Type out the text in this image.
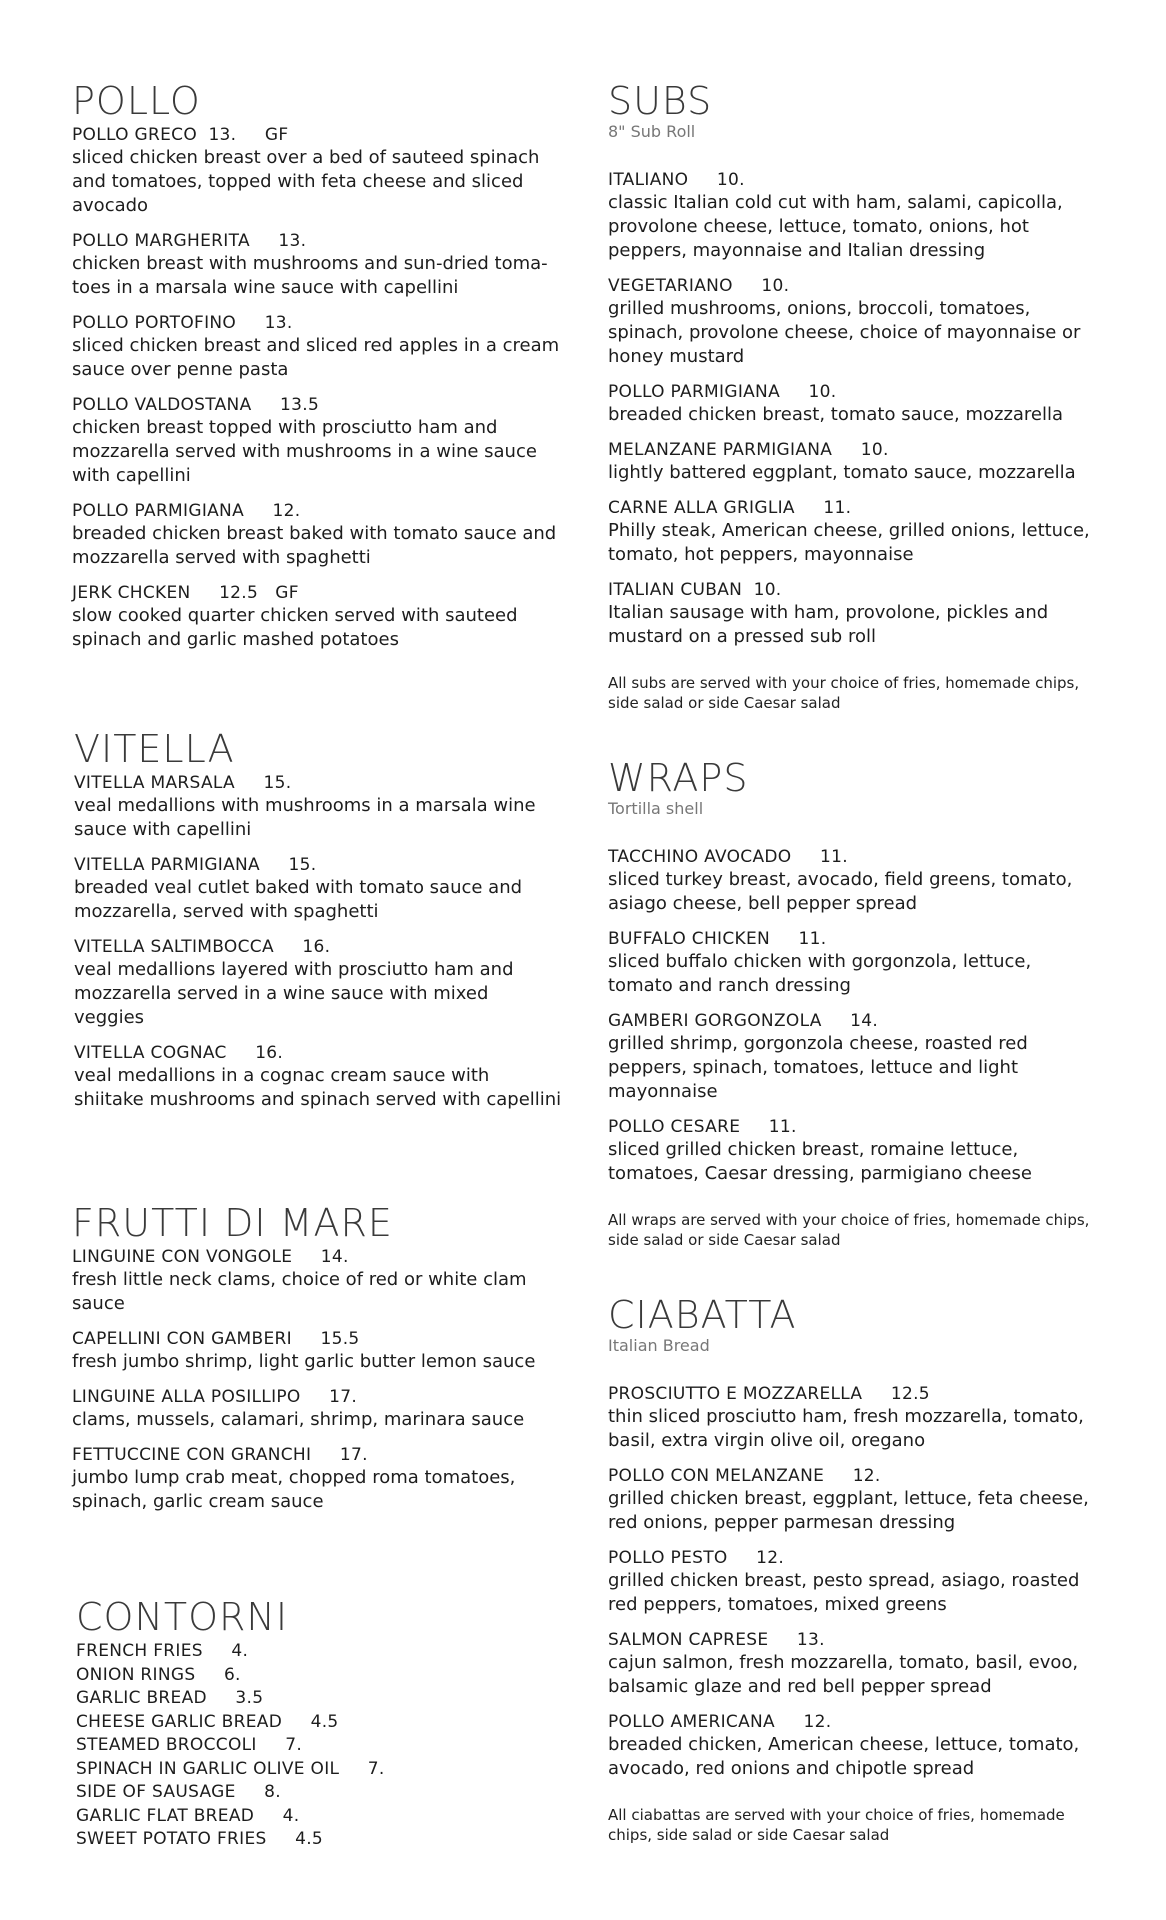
POLLO
POLLO GRECO  13.     GF
sliced chicken breast over a bed of sauteed spinach and tomatoes, topped with feta cheese and sliced avocado
POLLO MARGHERITA     13.
chicken breast with mushrooms and sun-dried toma- toes in a marsala wine sauce with capellini
POLLO PORTOFINO     13.
sliced chicken breast and sliced red apples in a cream sauce over penne pasta
POLLO VALDOSTANA     13.5
chicken breast topped with prosciutto ham and mozzarella served with mushrooms in a wine sauce with capellini
POLLO PARMIGIANA     12.
breaded chicken breast baked with tomato sauce and mozzarella served with spaghetti
JERK CHCKEN     12.5   GF
slow cooked quarter chicken served with sauteed spinach and garlic mashed potatoes
VITELLA
VITELLA MARSALA     15.
veal medallions with mushrooms in a marsala wine sauce with capellini
VITELLA PARMIGIANA     15.
breaded veal cutlet baked with tomato sauce and mozzarella, served with spaghetti
VITELLA SALTIMBOCCA     16.
veal medallions layered with prosciutto ham and mozzarella served in a wine sauce with mixed veggies
VITELLA COGNAC     16.
veal medallions in a cognac cream sauce with shiitake mushrooms and spinach served with capellini
FRUTTI DI MARE
LINGUINE CON VONGOLE     14.
fresh little neck clams, choice of red or white clam sauce
CAPELLINI CON GAMBERI     15.5
fresh jumbo shrimp, light garlic butter lemon sauce
LINGUINE ALLA POSILLIPO     17.
clams, mussels, calamari, shrimp, marinara sauce
FETTUCCINE CON GRANCHI     17.
jumbo lump crab meat, chopped roma tomatoes, spinach, garlic cream sauce
CONTORNI
FRENCH FRIES     4.
ONION RINGS     6.
GARLIC BREAD     3.5
CHEESE GARLIC BREAD     4.5
STEAMED BROCCOLI     7.
SPINACH IN GARLIC OLIVE OIL     7.
SIDE OF SAUSAGE     8.
GARLIC FLAT BREAD     4.
SWEET POTATO FRIES     4.5
SUBS
8" Sub Roll
ITALIANO     10.
classic Italian cold cut with ham, salami, capicolla, provolone cheese, lettuce, tomato, onions, hot peppers, mayonnaise and Italian dressing
VEGETARIANO     10.
grilled mushrooms, onions, broccoli, tomatoes, spinach, provolone cheese, choice of mayonnaise or honey mustard
POLLO PARMIGIANA     10.
breaded chicken breast, tomato sauce, mozzarella
MELANZANE PARMIGIANA     10.
lightly battered eggplant, tomato sauce, mozzarella
CARNE ALLA GRIGLIA     11.
Philly steak, American cheese, grilled onions, lettuce, tomato, hot peppers, mayonnaise
ITALIAN CUBAN  10.
Italian sausage with ham, provolone, pickles and mustard on a pressed sub roll
All subs are served with your choice of fries, homemade chips, side salad or side Caesar salad
WRAPS
Tortilla shell
TACCHINO AVOCADO     11.
sliced turkey breast, avocado, field greens, tomato, asiago cheese, bell pepper spread
BUFFALO CHICKEN     11.
sliced buffalo chicken with gorgonzola, lettuce, tomato and ranch dressing
GAMBERI GORGONZOLA     14.
grilled shrimp, gorgonzola cheese, roasted red peppers, spinach, tomatoes, lettuce and light mayonnaise
POLLO CESARE     11.
sliced grilled chicken breast, romaine lettuce, tomatoes, Caesar dressing, parmigiano cheese
All wraps are served with your choice of fries, homemade chips, side salad or side Caesar salad
CIABATTA
Italian Bread
PROSCIUTTO E MOZZARELLA     12.5
thin sliced prosciutto ham, fresh mozzarella, tomato, basil, extra virgin olive oil, oregano
POLLO CON MELANZANE     12.
grilled chicken breast, eggplant, lettuce, feta cheese, red onions, pepper parmesan dressing
POLLO PESTO     12.
grilled chicken breast, pesto spread, asiago, roasted red peppers, tomatoes, mixed greens
SALMON CAPRESE     13.
cajun salmon, fresh mozzarella, tomato, basil, evoo, balsamic glaze and red bell pepper spread
POLLO AMERICANA     12.
breaded chicken, American cheese, lettuce, tomato, avocado, red onions and chipotle spread
All ciabattas are served with your choice of fries, homemade chips, side salad or side Caesar salad
